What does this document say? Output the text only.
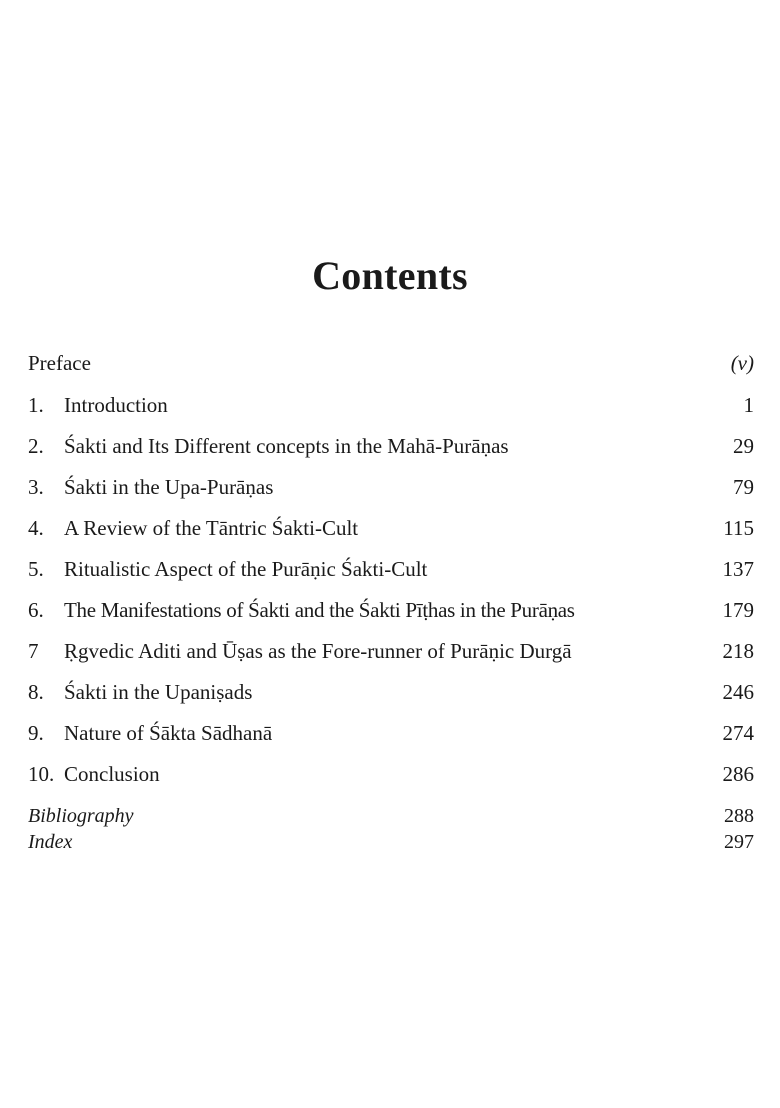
Contents
Preface	(v)
1. Introduction	1
2. Śakti and Its Different concepts in the Mahā-Purāṇas	29
3. Śakti in the Upa-Purāṇas	79
4. A Review of the Tāntric Śakti-Cult	115
5. Ritualistic Aspect of the Purāṇic Śakti-Cult	137
6. The Manifestations of Śakti and the Śakti Pīṭhas in the Purāṇas	179
7	Ṛgvedic Aditi and Ūṣas as the Fore-runner of Purāṇic Durgā	218
8. Śakti in the Upaniṣads	246
9. Nature of Śākta Sādhanā	274
10. Conclusion	286
Bibliography	288
Index	297
